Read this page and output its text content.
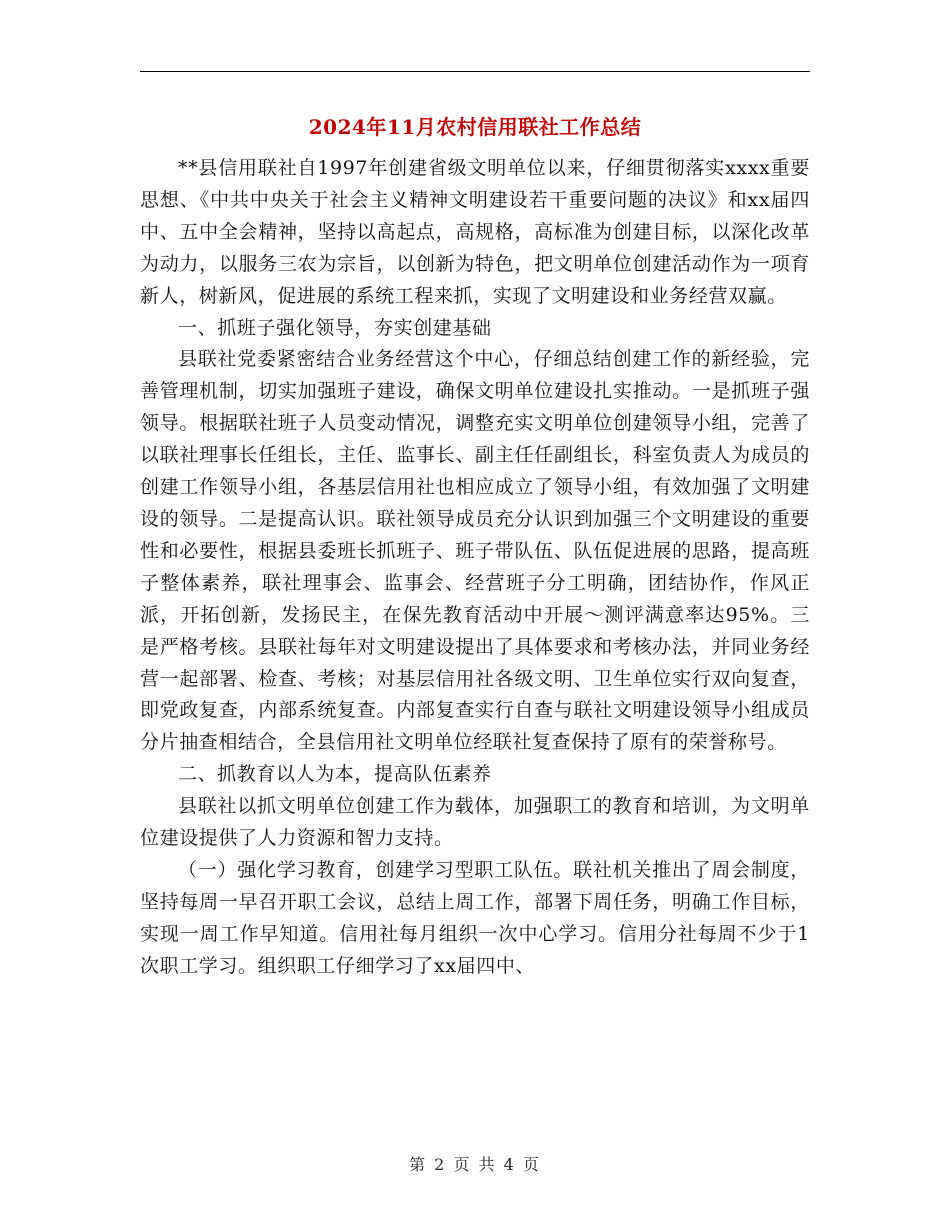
2024年11月农村信用联社工作总结

**县信用联社自1997年创建省级文明单位以来，仔细贯彻落实xxxx重要思想、《中共中央关于社会主义精神文明建设若干重要问题的决议》和xx届四中、五中全会精神，坚持以高起点，高规格，高标准为创建目标，以深化改革为动力，以服务三农为宗旨，以创新为特色，把文明单位创建活动作为一项育新人，树新风，促进展的系统工程来抓，实现了文明建设和业务经营双赢。

一、抓班子强化领导，夯实创建基础

县联社党委紧密结合业务经营这个中心，仔细总结创建工作的新经验，完善管理机制，切实加强班子建设，确保文明单位建设扎实推动。一是抓班子强领导。根据联社班子人员变动情况，调整充实文明单位创建领导小组，完善了以联社理事长任组长，主任、监事长、副主任任副组长，科室负责人为成员的创建工作领导小组，各基层信用社也相应成立了领导小组，有效加强了文明建设的领导。二是提高认识。联社领导成员充分认识到加强三个文明建设的重要性和必要性，根据县委班长抓班子、班子带队伍、队伍促进展的思路，提高班子整体素养，联社理事会、监事会、经营班子分工明确，团结协作，作风正派，开拓创新，发扬民主，在保先教育活动中开展～测评满意率达95%。三是严格考核。县联社每年对文明建设提出了具体要求和考核办法，并同业务经营一起部署、检查、考核；对基层信用社各级文明、卫生单位实行双向复查，即党政复查，内部系统复查。内部复查实行自查与联社文明建设领导小组成员分片抽查相结合，全县信用社文明单位经联社复查保持了原有的荣誉称号。

二、抓教育以人为本，提高队伍素养

县联社以抓文明单位创建工作为载体，加强职工的教育和培训，为文明单位建设提供了人力资源和智力支持。

（一）强化学习教育，创建学习型职工队伍。联社机关推出了周会制度，坚持每周一早召开职工会议，总结上周工作，部署下周任务，明确工作目标，实现一周工作早知道。信用社每月组织一次中心学习。信用分社每周不少于1次职工学习。组织职工仔细学习了xx届四中、

第 2 页 共 4 页
